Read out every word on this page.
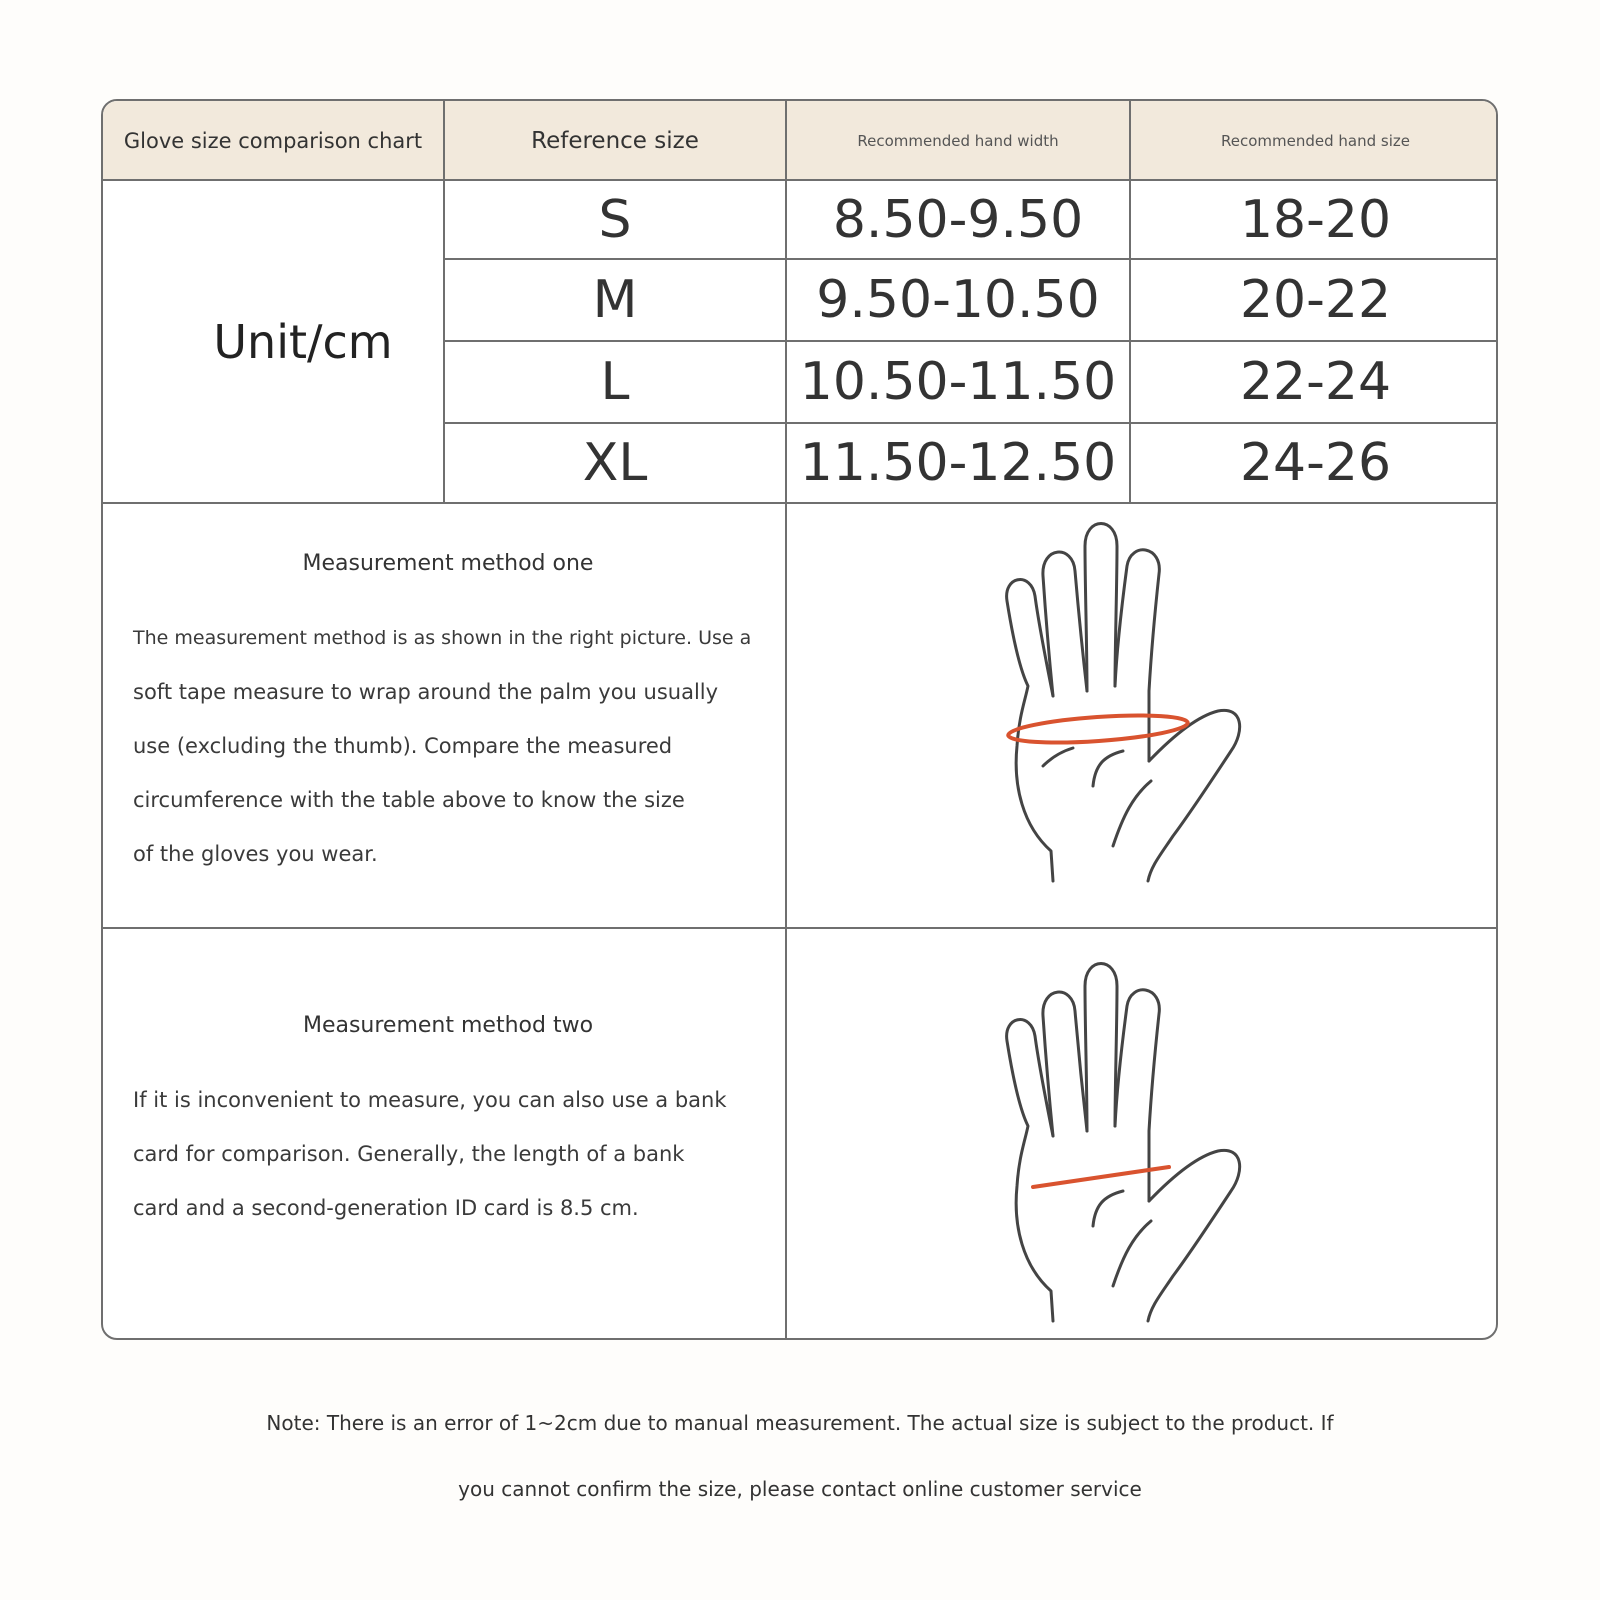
Glove size comparison chart	Reference size	Recommended hand width	Recommended hand size
Unit/cm
S	8.50-9.50	18-20
M	9.50-10.50	20-22
L	10.50-11.50	22-24
XL	11.50-12.50	24-26
Measurement method one
The measurement method is as shown in the right picture. Use a
soft tape measure to wrap around the palm you usually
use (excluding the thumb). Compare the measured
circumference with the table above to know the size
of the gloves you wear.
Measurement method two
If it is inconvenient to measure, you can also use a bank
card for comparison. Generally, the length of a bank
card and a second-generation ID card is 8.5 cm.
Note: There is an error of 1~2cm due to manual measurement. The actual size is subject to the product. If
you cannot confirm the size, please contact online customer service
